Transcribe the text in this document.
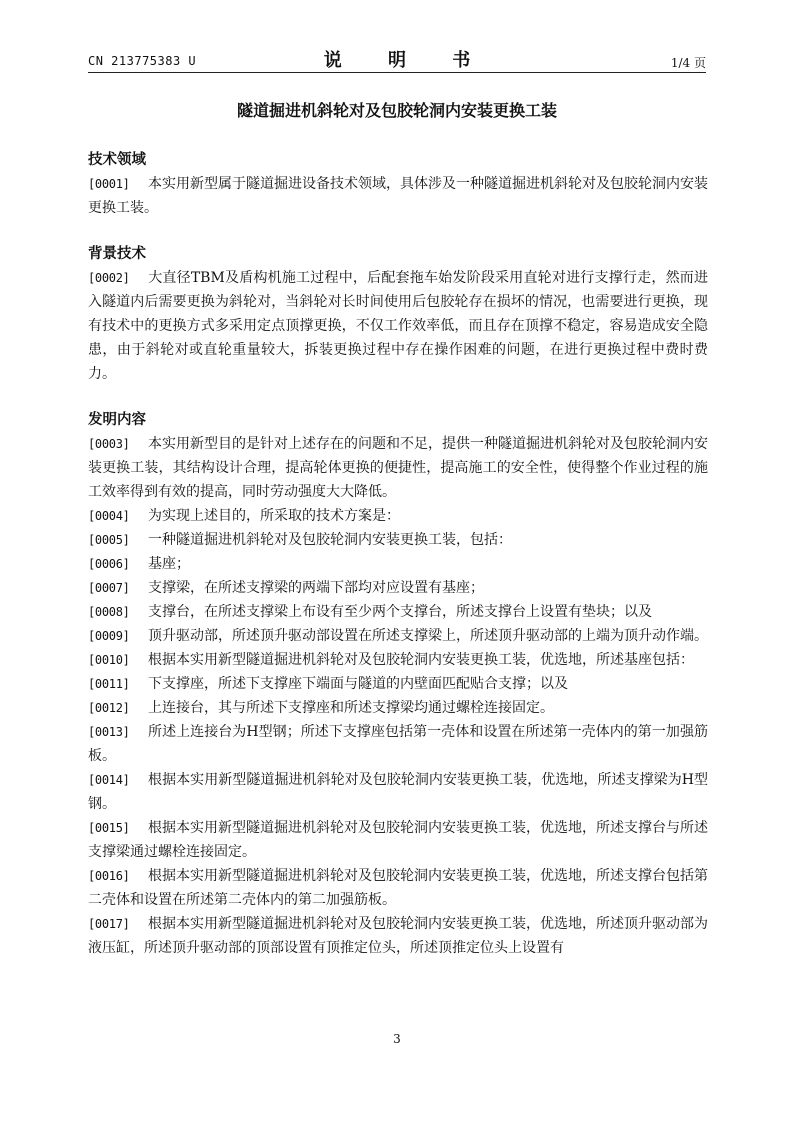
CN 213775383 U	说 明 书	1/4 页
隧道掘进机斜轮对及包胶轮洞内安装更换工装
技术领域

[0001] 本实用新型属于隧道掘进设备技术领域，具体涉及一种隧道掘进机斜轮对及包胶轮洞内安装更换工装。

背景技术

[0002] 大直径TBM及盾构机施工过程中，后配套拖车始发阶段采用直轮对进行支撑行走，然而进入隧道内后需要更换为斜轮对，当斜轮对长时间使用后包胶轮存在损坏的情况，也需要进行更换，现有技术中的更换方式多采用定点顶撑更换，不仅工作效率低，而且存在顶撑不稳定，容易造成安全隐患，由于斜轮对或直轮重量较大，拆装更换过程中存在操作困难的问题，在进行更换过程中费时费力。

发明内容

[0003] 本实用新型目的是针对上述存在的问题和不足，提供一种隧道掘进机斜轮对及包胶轮洞内安装更换工装，其结构设计合理，提高轮体更换的便捷性，提高施工的安全性，使得整个作业过程的施工效率得到有效的提高，同时劳动强度大大降低。

[0004] 为实现上述目的，所采取的技术方案是：

[0005] 一种隧道掘进机斜轮对及包胶轮洞内安装更换工装，包括：

[0006] 基座；

[0007] 支撑梁，在所述支撑梁的两端下部均对应设置有基座；

[0008] 支撑台，在所述支撑梁上布设有至少两个支撑台，所述支撑台上设置有垫块；以及

[0009] 顶升驱动部，所述顶升驱动部设置在所述支撑梁上，所述顶升驱动部的上端为顶升动作端。

[0010] 根据本实用新型隧道掘进机斜轮对及包胶轮洞内安装更换工装，优选地，所述基座包括：

[0011] 下支撑座，所述下支撑座下端面与隧道的内壁面匹配贴合支撑；以及

[0012] 上连接台，其与所述下支撑座和所述支撑梁均通过螺栓连接固定。

[0013] 所述上连接台为H型钢；所述下支撑座包括第一壳体和设置在所述第一壳体内的第一加强筋板。

[0014] 根据本实用新型隧道掘进机斜轮对及包胶轮洞内安装更换工装，优选地，所述支撑梁为H型钢。

[0015] 根据本实用新型隧道掘进机斜轮对及包胶轮洞内安装更换工装，优选地，所述支撑台与所述支撑梁通过螺栓连接固定。

[0016] 根据本实用新型隧道掘进机斜轮对及包胶轮洞内安装更换工装，优选地，所述支撑台包括第二壳体和设置在所述第二壳体内的第二加强筋板。

[0017] 根据本实用新型隧道掘进机斜轮对及包胶轮洞内安装更换工装，优选地，所述顶升驱动部为液压缸，所述顶升驱动部的顶部设置有顶推定位头，所述顶推定位头上设置有

3
